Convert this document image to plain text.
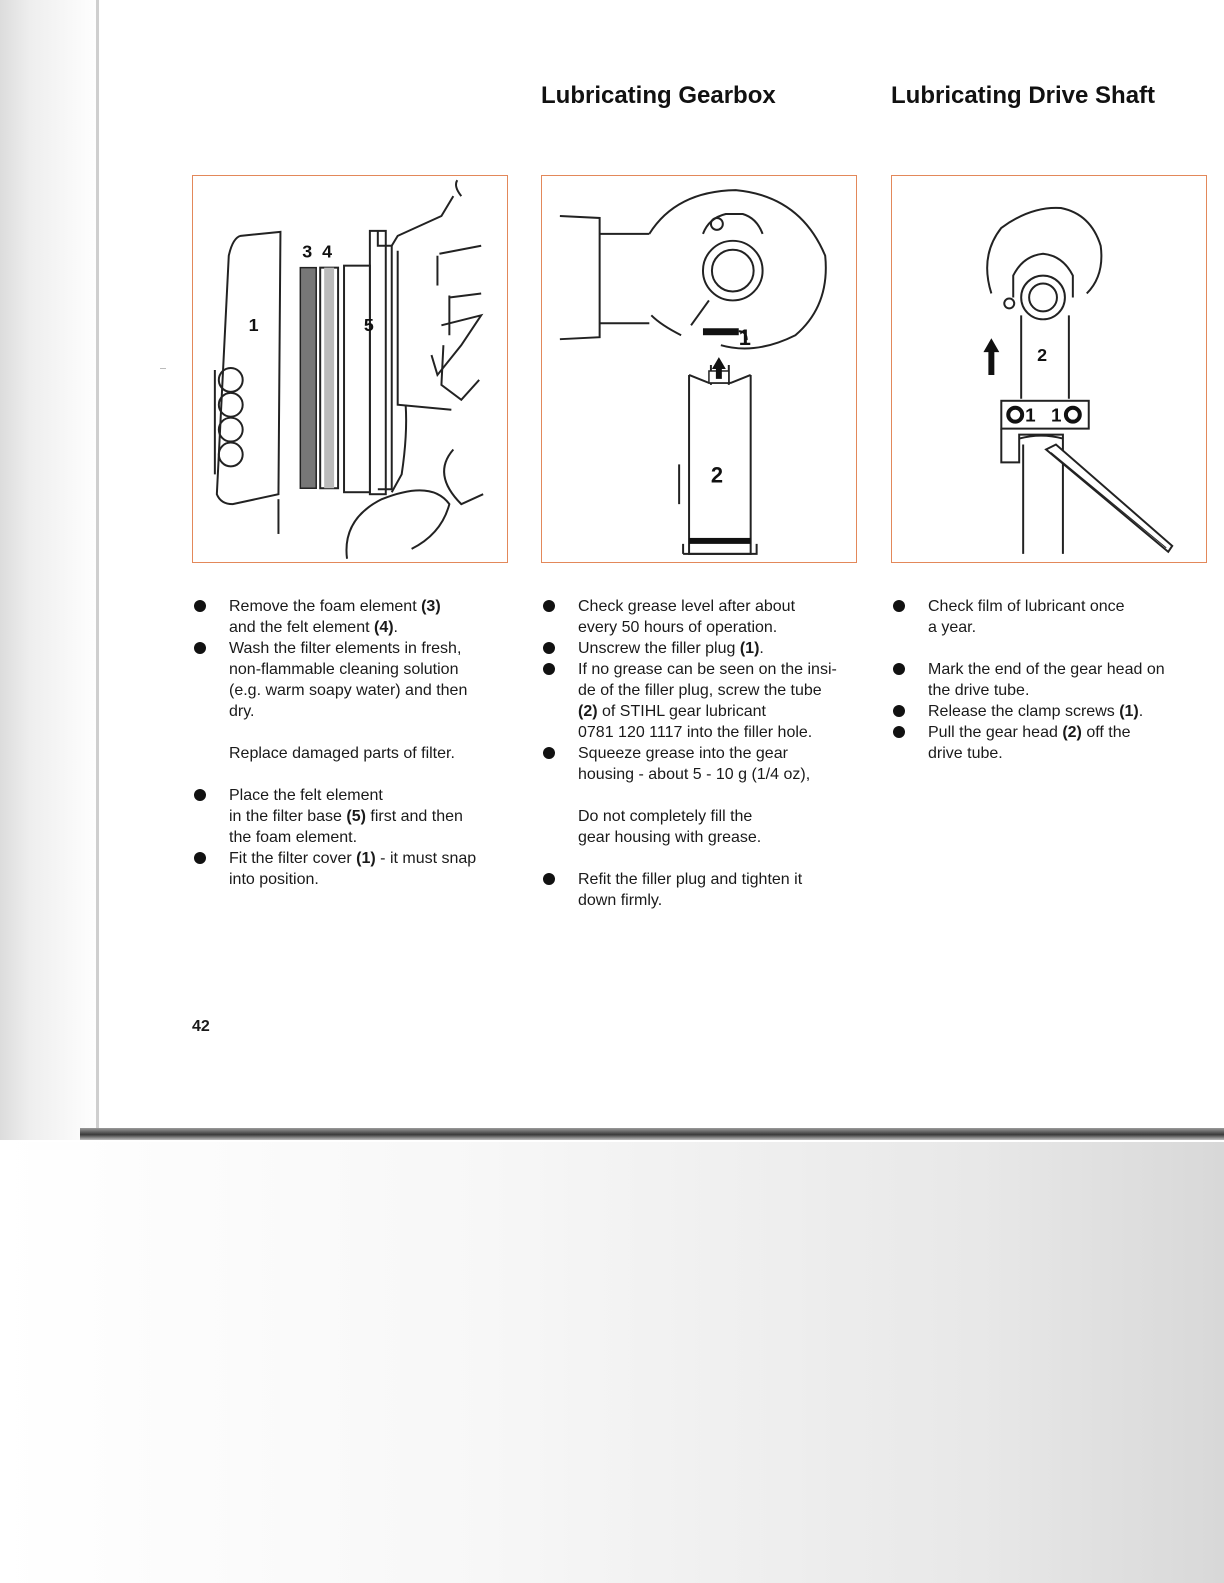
Lubricating Gearbox	Lubricating Drive Shaft
3 4
1	5	1
2
2
1 1

Remove the foam element (3)
and the felt element (4).

Wash the filter elements in fresh,
non-flammable cleaning solution
(e.g. warm soapy water) and then
dry.

Replace damaged parts of filter.

Place the felt element
in the filter base (5) first and then
the foam element.

Fit the filter cover (1) - it must snap
into position.

Check grease level after about
every 50 hours of operation.

Unscrew the filler plug (1).

If no grease can be seen on the insi-
de of the filler plug, screw the tube
(2) of STIHL gear lubricant
0781 120 1117 into the filler hole.

Squeeze grease into the gear
housing - about 5 - 10 g (1/4 oz),

Do not completely fill the
gear housing with grease.

Refit the filler plug and tighten it
down firmly.

Check film of lubricant once
a year.

Mark the end of the gear head on
the drive tube.

Release the clamp screws (1).

Pull the gear head (2) off the
drive tube.

42
